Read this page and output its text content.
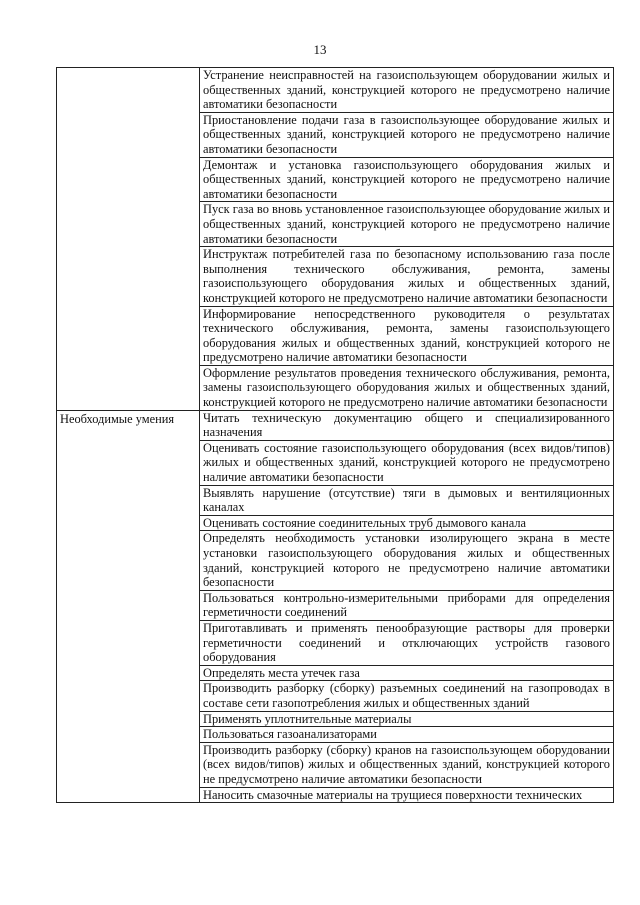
13

	Устранение неисправностей на газоиспользующем оборудовании жилых и общественных зданий, конструкцией которого не предусмотрено наличие автоматики безопасности

	Приостановление подачи газа в газоиспользующее оборудование жилых и общественных зданий, конструкцией которого не предусмотрено наличие автоматики безопасности

	Демонтаж и установка газоиспользующего оборудования жилых и общественных зданий, конструкцией которого не предусмотрено наличие автоматики безопасности

	Пуск газа во вновь установленное газоиспользующее оборудование жилых и общественных зданий, конструкцией которого не предусмотрено наличие автоматики безопасности

	Инструктаж потребителей газа по безопасному использованию газа после выполнения технического обслуживания, ремонта, замены газоиспользующего оборудования жилых и общественных зданий, конструкцией которого не предусмотрено наличие автоматики безопасности

	Информирование непосредственного руководителя о результатах технического обслуживания, ремонта, замены газоиспользующего оборудования жилых и общественных зданий, конструкцией которого не предусмотрено наличие автоматики безопасности

	Оформление результатов проведения технического обслуживания, ремонта, замены газоиспользующего оборудования жилых и общественных зданий, конструкцией которого не предусмотрено наличие автоматики безопасности

Необходимые умения	Читать техническую документацию общего и специализированного назначения

	Оценивать состояние газоиспользующего оборудования (всех видов/типов) жилых и общественных зданий, конструкцией которого не предусмотрено наличие автоматики безопасности

	Выявлять нарушение (отсутствие) тяги в дымовых и вентиляционных каналах

	Оценивать состояние соединительных труб дымового канала

	Определять необходимость установки изолирующего экрана в месте установки газоиспользующего оборудования жилых и общественных зданий, конструкцией которого не предусмотрено наличие автоматики безопасности

	Пользоваться контрольно-измерительными приборами для определения герметичности соединений

	Приготавливать и применять пенообразующие растворы для проверки герметичности соединений и отключающих устройств газового оборудования

	Определять места утечек газа

	Производить разборку (сборку) разъемных соединений на газопроводах в составе сети газопотребления жилых и общественных зданий

	Применять уплотнительные материалы

	Пользоваться газоанализаторами

	Производить разборку (сборку) кранов на газоиспользующем оборудовании (всех видов/типов) жилых и общественных зданий, конструкцией которого не предусмотрено наличие автоматики безопасности

	Наносить смазочные материалы на трущиеся поверхности технических
